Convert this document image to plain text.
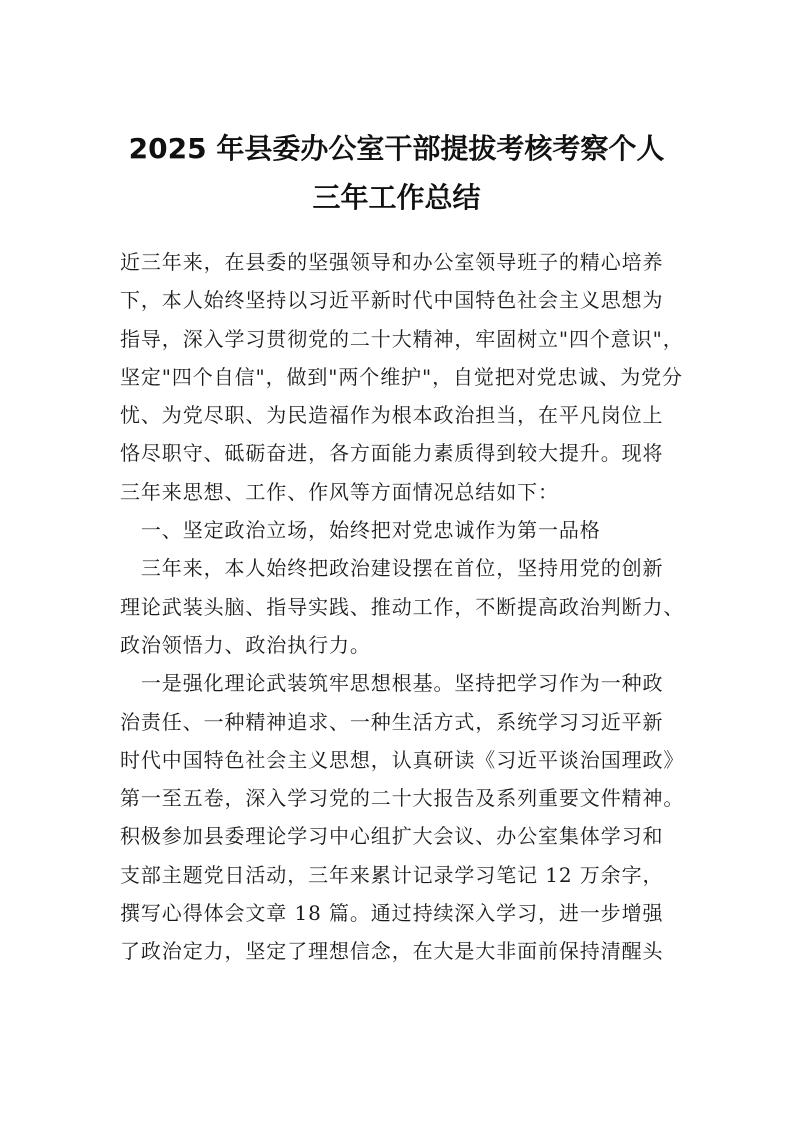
2025 年县委办公室干部提拔考核考察个人
三年工作总结
近三年来，在县委的坚强领导和办公室领导班子的精心培养
下，本人始终坚持以习近平新时代中国特色社会主义思想为
指导，深入学习贯彻党的二十大精神，牢固树立"四个意识"，
坚定"四个自信"，做到"两个维护"，自觉把对党忠诚、为党分
忧、为党尽职、为民造福作为根本政治担当，在平凡岗位上
恪尽职守、砥砺奋进，各方面能力素质得到较大提升。现将
三年来思想、工作、作风等方面情况总结如下：
　一、坚定政治立场，始终把对党忠诚作为第一品格
　三年来，本人始终把政治建设摆在首位，坚持用党的创新
理论武装头脑、指导实践、推动工作，不断提高政治判断力、
政治领悟力、政治执行力。
　一是强化理论武装筑牢思想根基。坚持把学习作为一种政
治责任、一种精神追求、一种生活方式，系统学习习近平新
时代中国特色社会主义思想，认真研读《习近平谈治国理政》
第一至五卷，深入学习党的二十大报告及系列重要文件精神。
积极参加县委理论学习中心组扩大会议、办公室集体学习和
支部主题党日活动，三年来累计记录学习笔记 12 万余字，
撰写心得体会文章 18 篇。通过持续深入学习，进一步增强
了政治定力，坚定了理想信念，在大是大非面前保持清醒头
